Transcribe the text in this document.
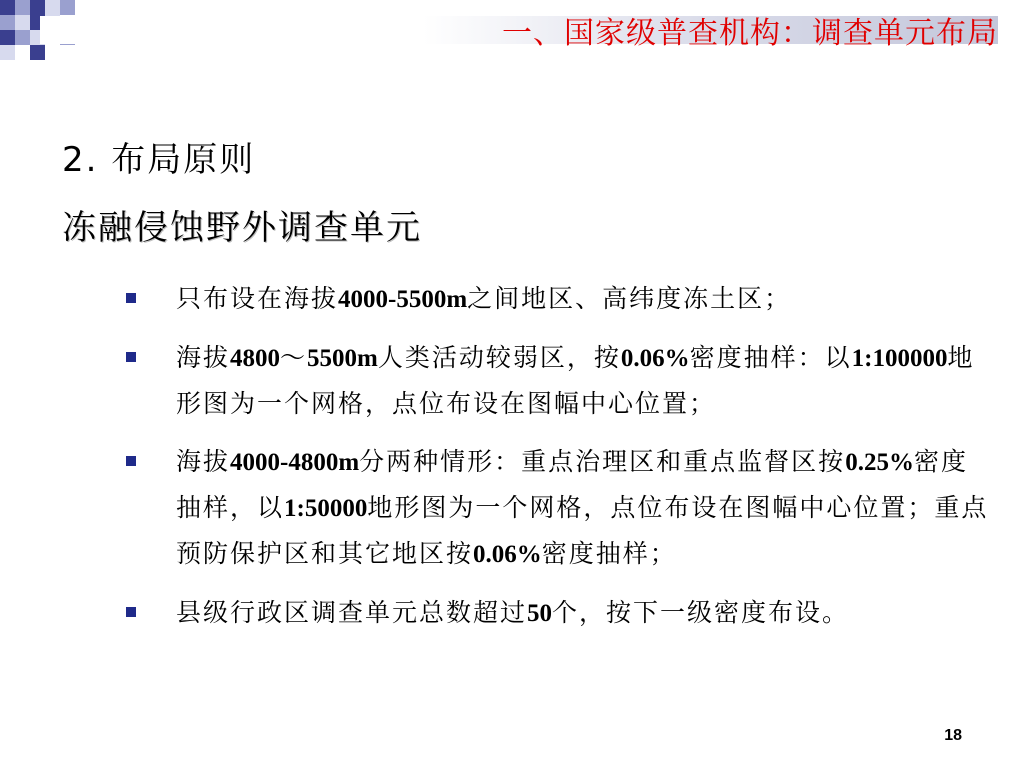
一、国家级普查机构：调查单元布局
2. 布局原则
冻融侵蚀野外调查单元
只布设在海拔4000-5500m之间地区、高纬度冻土区；
海拔4800～5500m人类活动较弱区，按0.06%密度抽样：以1:100000地形图为一个网格，点位布设在图幅中心位置；
海拔4000-4800m分两种情形：重点治理区和重点监督区按0.25%密度抽样，以1:50000地形图为一个网格，点位布设在图幅中心位置；重点预防保护区和其它地区按0.06%密度抽样；
县级行政区调查单元总数超过50个，按下一级密度布设。
18
